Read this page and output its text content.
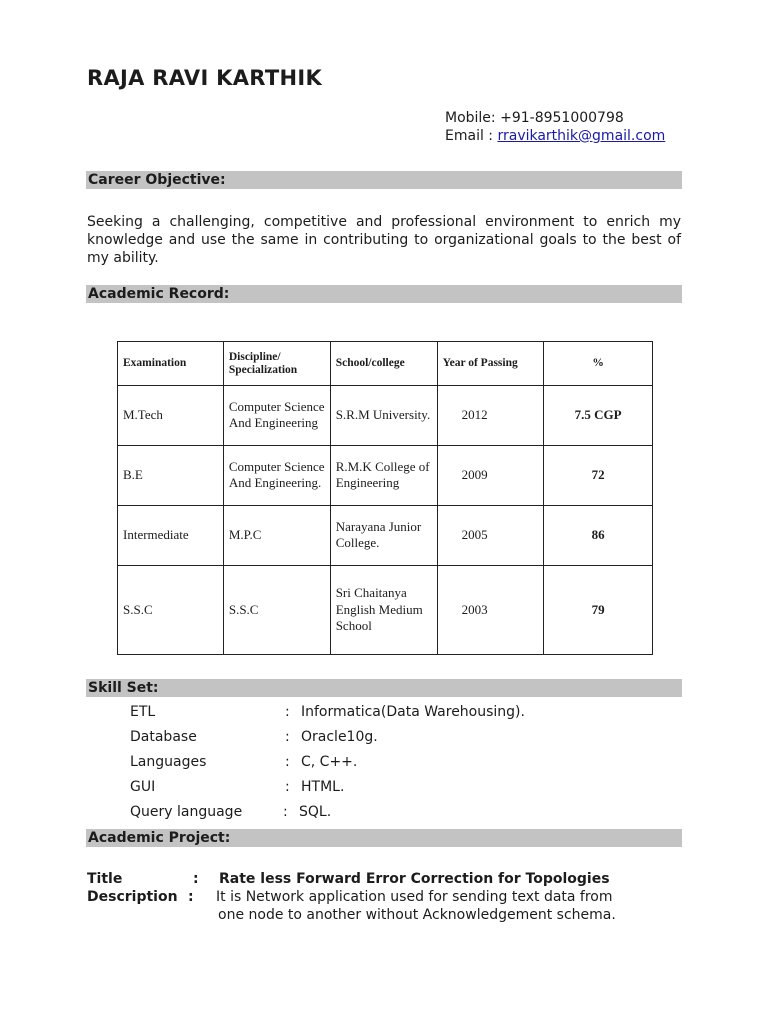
RAJA RAVI KARTHIK
Mobile: +91-8951000798
Email : rravikarthik@gmail.com
Career Objective:

Seeking a challenging, competitive and professional environment to enrich my knowledge and use the same in contributing to organizational goals to the best of my ability.

Academic Record:
Examination	Discipline/ Specialization	School/college	Year of Passing	%
M.Tech	Computer Science And Engineering	S.R.M University.	2012	7.5 CGP
B.E	Computer Science And Engineering.	R.M.K College of Engineering	2009	72
Intermediate	M.P.C	Narayana Junior College.	2005	86
S.S.C	S.S.C	Sri Chaitanya English Medium School	2003	79
Skill Set:
ETL	: Informatica(Data Warehousing).
Database	: Oracle10g.
Languages	: C, C++.
GUI	: HTML.
Query language	: SQL.
Academic Project:
Title	: Rate less Forward Error Correction for Topologies
Description : It is Network application used for sending text data from
one node to another without Acknowledgement schema.
